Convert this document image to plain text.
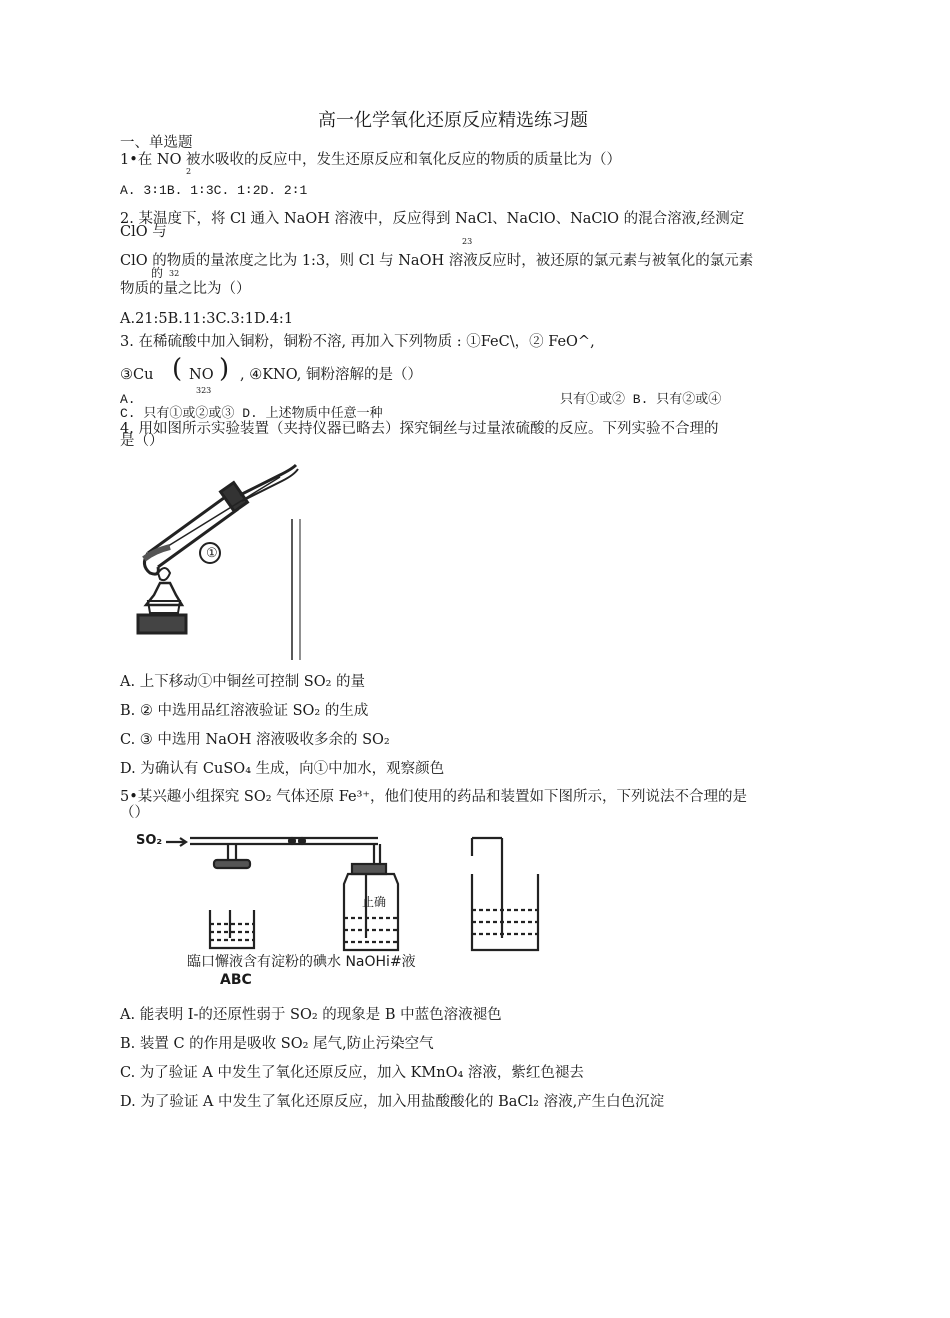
高一化学氧化还原反应精选练习题
一、单选题
1•在 NO
2
被水吸收的反应中，发生还原反应和氧化反应的物质的质量比为（）
A. 3∶1B. 1∶3C. 1∶2D. 2∶1
2. 某温度下，将 Cl 通入 NaOH 溶液中，反应得到 NaCl、NaClO、NaClO 的混合溶液,经测定
ClO 与
23
ClO 的物质的量浓度之比为 1:3，则 Cl 与 NaOH 溶液反应时，被还原的氯元素与被氧化的氯元素
的 32
物质的量之比为（）
A.21:5B.11:3C.3:1D.4:1
3. 在稀硫酸中加入铜粉，铜粉不溶, 再加入下列物质 : ①FeC\，② FeO^,
③Cu ( NO ) , ④KNO, 铜粉溶解的是（）
323
A.	只有①或② B. 只有②或④
C. 只有①或②或③ D. 上述物质中任意一种
4. 用如图所示实验装置（夹持仪器已略去）探究铜丝与过量浓硫酸的反应。下列实验不合理的
是（）
①
A. 上下移动①中铜丝可控制 SO₂ 的量
B. ② 中选用品红溶液验证 SO₂ 的生成
C. ③ 中选用 NaOH 溶液吸收多余的 SO₂
D. 为确认有 CuSO₄ 生成，向①中加水，观察颜色
5•某兴趣小组探究 SO₂ 气体还原 Fe³⁺，他们使用的药品和装置如下图所示，下列说法不合理的是
（）
SO₂
止确
臨口懈液含有淀粉的碘水 NaOHi#液
ABC
A. 能表明 I-的还原性弱于 SO₂ 的现象是 B 中蓝色溶液褪色
B. 装置 C 的作用是吸收 SO₂ 尾气,防止污染空气
C. 为了验证 A 中发生了氧化还原反应，加入 KMnO₄ 溶液，紫红色褪去
D. 为了验证 A 中发生了氧化还原反应，加入用盐酸酸化的 BaCl₂ 溶液,产生白色沉淀
